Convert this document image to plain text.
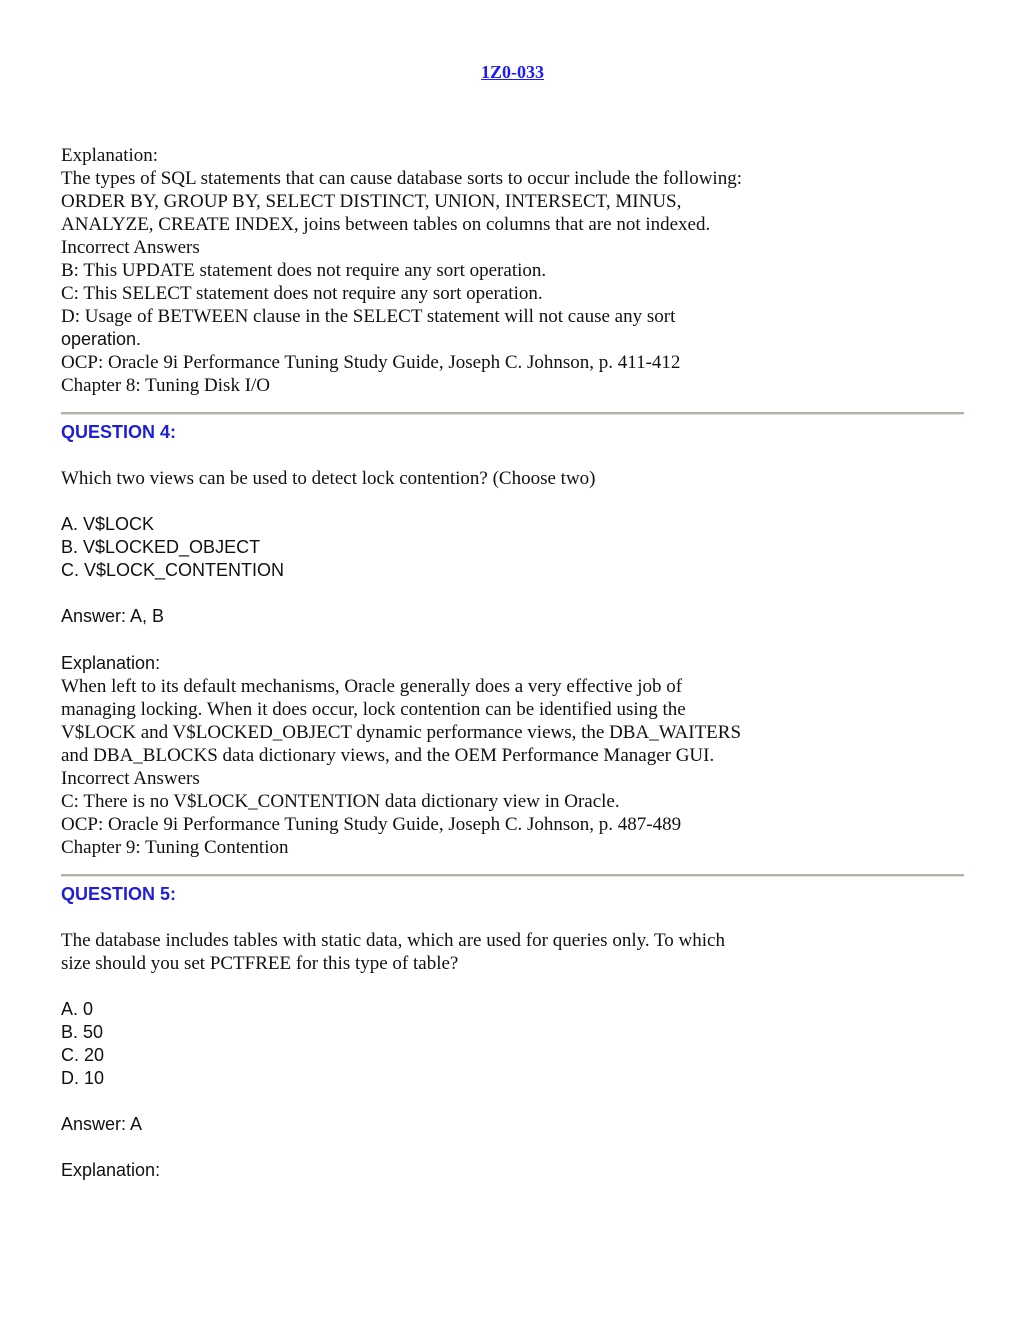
1Z0-033
Explanation:
The types of SQL statements that can cause database sorts to occur include the following:
ORDER BY, GROUP BY, SELECT DISTINCT, UNION, INTERSECT, MINUS,
ANALYZE, CREATE INDEX, joins between tables on columns that are not indexed.
Incorrect Answers
B: This UPDATE statement does not require any sort operation.
C: This SELECT statement does not require any sort operation.
D: Usage of BETWEEN clause in the SELECT statement will not cause any sort
operation.
OCP: Oracle 9i Performance Tuning Study Guide, Joseph C. Johnson, p. 411-412
Chapter 8: Tuning Disk I/O
QUESTION 4:
Which two views can be used to detect lock contention? (Choose two)
A. V$LOCK
B. V$LOCKED_OBJECT
C. V$LOCK_CONTENTION
Answer: A, B
Explanation:
When left to its default mechanisms, Oracle generally does a very effective job of
managing locking. When it does occur, lock contention can be identified using the
V$LOCK and V$LOCKED_OBJECT dynamic performance views, the DBA_WAITERS
and DBA_BLOCKS data dictionary views, and the OEM Performance Manager GUI.
Incorrect Answers
C: There is no V$LOCK_CONTENTION data dictionary view in Oracle.
OCP: Oracle 9i Performance Tuning Study Guide, Joseph C. Johnson, p. 487-489
Chapter 9: Tuning Contention
QUESTION 5:
The database includes tables with static data, which are used for queries only. To which
size should you set PCTFREE for this type of table?
A. 0
B. 50
C. 20
D. 10
Answer: A
Explanation:
